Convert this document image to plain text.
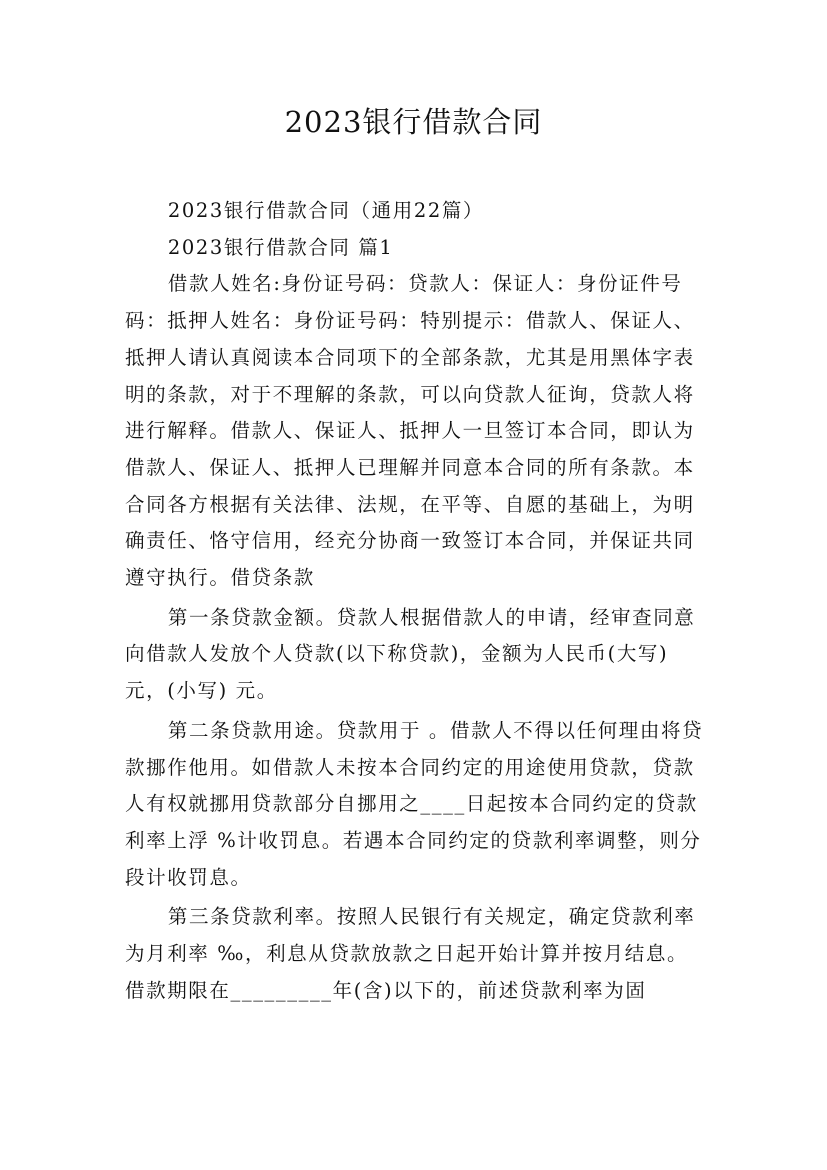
2023银行借款合同

2023银行借款合同（通用22篇）

2023银行借款合同 篇1

借款人姓名:身份证号码：贷款人：保证人：身份证件号码：抵押人姓名：身份证号码：特别提示：借款人、保证人、抵押人请认真阅读本合同项下的全部条款，尤其是用黑体字表明的条款，对于不理解的条款，可以向贷款人征询，贷款人将进行解释。借款人、保证人、抵押人一旦签订本合同，即认为借款人、保证人、抵押人已理解并同意本合同的所有条款。本合同各方根据有关法律、法规，在平等、自愿的基础上，为明确责任、恪守信用，经充分协商一致签订本合同，并保证共同遵守执行。借贷条款

第一条贷款金额。贷款人根据借款人的申请，经审查同意向借款人发放个人贷款(以下称贷款)，金额为人民币(大写) 元，(小写) 元。

第二条贷款用途。贷款用于 。借款人不得以任何理由将贷款挪作他用。如借款人未按本合同约定的用途使用贷款，贷款人有权就挪用贷款部分自挪用之____日起按本合同约定的贷款利率上浮 %计收罚息。若遇本合同约定的贷款利率调整，则分段计收罚息。

第三条贷款利率。按照人民银行有关规定，确定贷款利率为月利率 ‰，利息从贷款放款之日起开始计算并按月结息。借款期限在_________年(含)以下的，前述贷款利率为固
